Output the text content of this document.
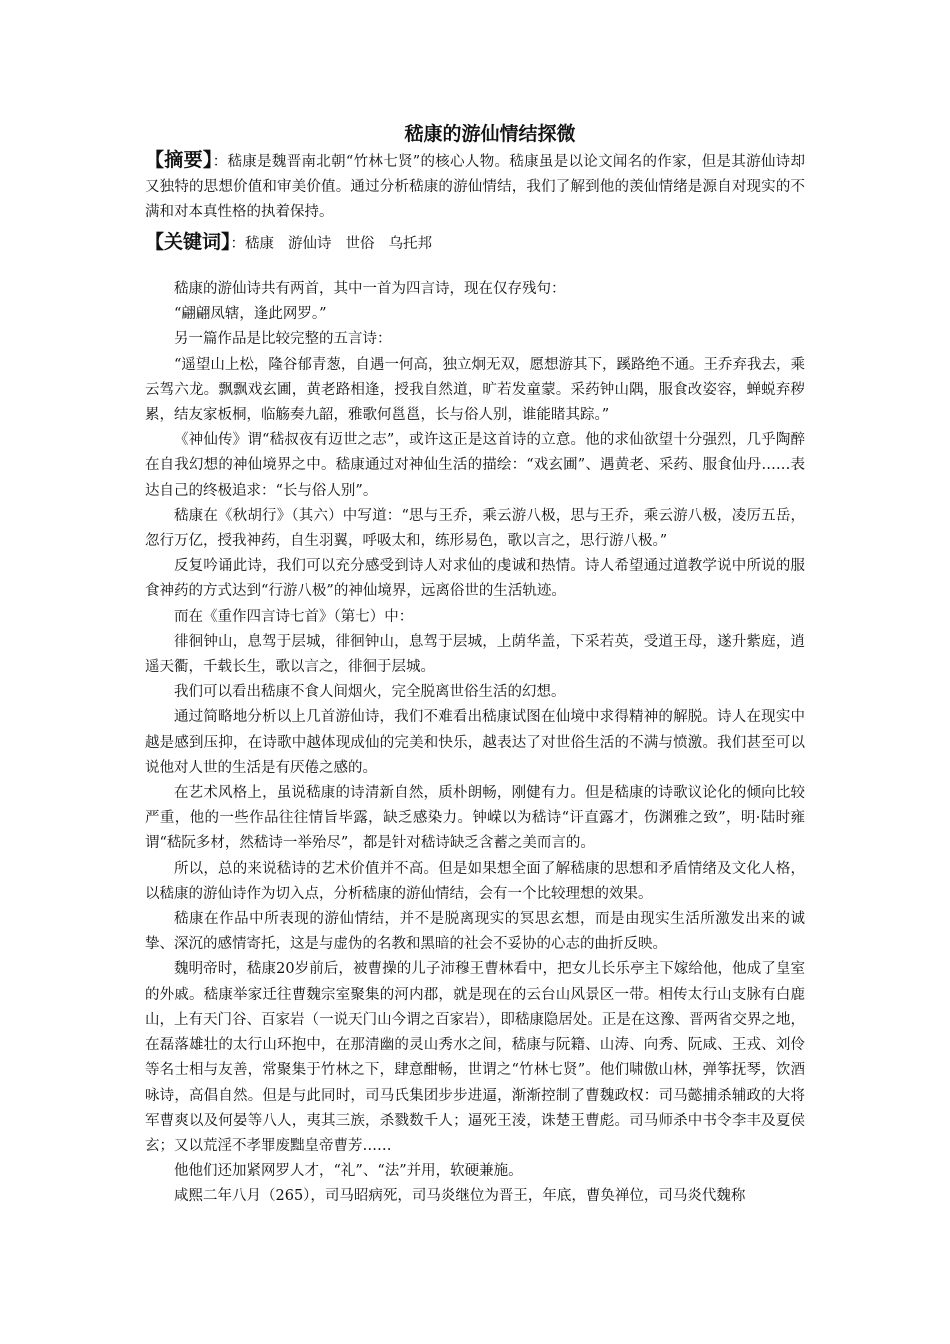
嵇康的游仙情结探微

【摘要】：嵇康是魏晋南北朝“竹林七贤”的核心人物。嵇康虽是以论文闻名的作家，但是其游仙诗却又独特的思想价值和审美价值。通过分析嵇康的游仙情结，我们了解到他的羡仙情绪是源自对现实的不满和对本真性格的执着保持。

【关键词】：嵇康 游仙诗 世俗 乌托邦

嵇康的游仙诗共有两首，其中一首为四言诗，现在仅存残句：

“翩翩凤辖，逢此网罗。”

另一篇作品是比较完整的五言诗：

“遥望山上松，隆谷郁青葱，自遇一何高，独立炯无双，愿想游其下，蹊路绝不通。王乔弃我去，乘云驾六龙。飘飘戏玄圃，黄老路相逢，授我自然道，旷若发童蒙。采药钟山隅，服食改姿容，蝉蜕弃秽累，结友家板桐，临觞奏九韶，雅歌何邕邕，长与俗人别，谁能睹其踪。”

《神仙传》谓“嵇叔夜有迈世之志”，或许这正是这首诗的立意。他的求仙欲望十分强烈，几乎陶醉在自我幻想的神仙境界之中。嵇康通过对神仙生活的描绘：“戏玄圃”、遇黄老、采药、服食仙丹……表达自己的终极追求：“长与俗人别”。

嵇康在《秋胡行》（其六）中写道：“思与王乔，乘云游八极，思与王乔，乘云游八极，凌厉五岳，忽行万亿，授我神药，自生羽翼，呼吸太和，练形易色，歌以言之，思行游八极。”

反复吟诵此诗，我们可以充分感受到诗人对求仙的虔诚和热情。诗人希望通过道教学说中所说的服食神药的方式达到“行游八极”的神仙境界，远离俗世的生活轨迹。

而在《重作四言诗七首》（第七）中：

徘徊钟山，息驾于层城，徘徊钟山，息驾于层城，上荫华盖，下采若英，受道王母，遂升紫庭，逍遥天衢，千载长生，歌以言之，徘徊于层城。

我们可以看出嵇康不食人间烟火，完全脱离世俗生活的幻想。

通过简略地分析以上几首游仙诗，我们不难看出嵇康试图在仙境中求得精神的解脱。诗人在现实中越是感到压抑，在诗歌中越体现成仙的完美和快乐，越表达了对世俗生活的不满与愤激。我们甚至可以说他对人世的生活是有厌倦之感的。

在艺术风格上，虽说嵇康的诗清新自然，质朴朗畅，刚健有力。但是嵇康的诗歌议论化的倾向比较严重，他的一些作品往往情旨毕露，缺乏感染力。钟嵘以为嵇诗“讦直露才，伤渊雅之致”，明·陆时雍谓“嵇阮多材，然嵇诗一举殆尽”，都是针对嵇诗缺乏含蓄之美而言的。

所以，总的来说嵇诗的艺术价值并不高。但是如果想全面了解嵇康的思想和矛盾情绪及文化人格，以嵇康的游仙诗作为切入点，分析嵇康的游仙情结，会有一个比较理想的效果。

嵇康在作品中所表现的游仙情结，并不是脱离现实的冥思玄想，而是由现实生活所激发出来的诚挚、深沉的感情寄托，这是与虚伪的名教和黑暗的社会不妥协的心志的曲折反映。

魏明帝时，嵇康20岁前后，被曹操的儿子沛穆王曹林看中，把女儿长乐亭主下嫁给他，他成了皇室的外戚。嵇康举家迁往曹魏宗室聚集的河内郡，就是现在的云台山风景区一带。相传太行山支脉有白鹿山，上有天门谷、百家岩（一说天门山今谓之百家岩），即嵇康隐居处。正是在这豫、晋两省交界之地，在磊落雄壮的太行山环抱中，在那清幽的灵山秀水之间，嵇康与阮籍、山涛、向秀、阮咸、王戎、刘伶等名士相与友善，常聚集于竹林之下，肆意酣畅，世谓之“竹林七贤”。他们啸傲山林，弹筝抚琴，饮酒咏诗，高倡自然。但是与此同时，司马氏集团步步进逼，渐渐控制了曹魏政权：司马懿捕杀辅政的大将军曹爽以及何晏等八人，夷其三族，杀戮数千人；逼死王淩，诛楚王曹彪。司马师杀中书令李丰及夏侯玄；又以荒淫不孝罪废黜皇帝曹芳……

他他们还加紧网罗人才，“礼”、“法”并用，软硬兼施。

咸熙二年八月（265），司马昭病死，司马炎继位为晋王，年底，曹奂禅位，司马炎代魏称
